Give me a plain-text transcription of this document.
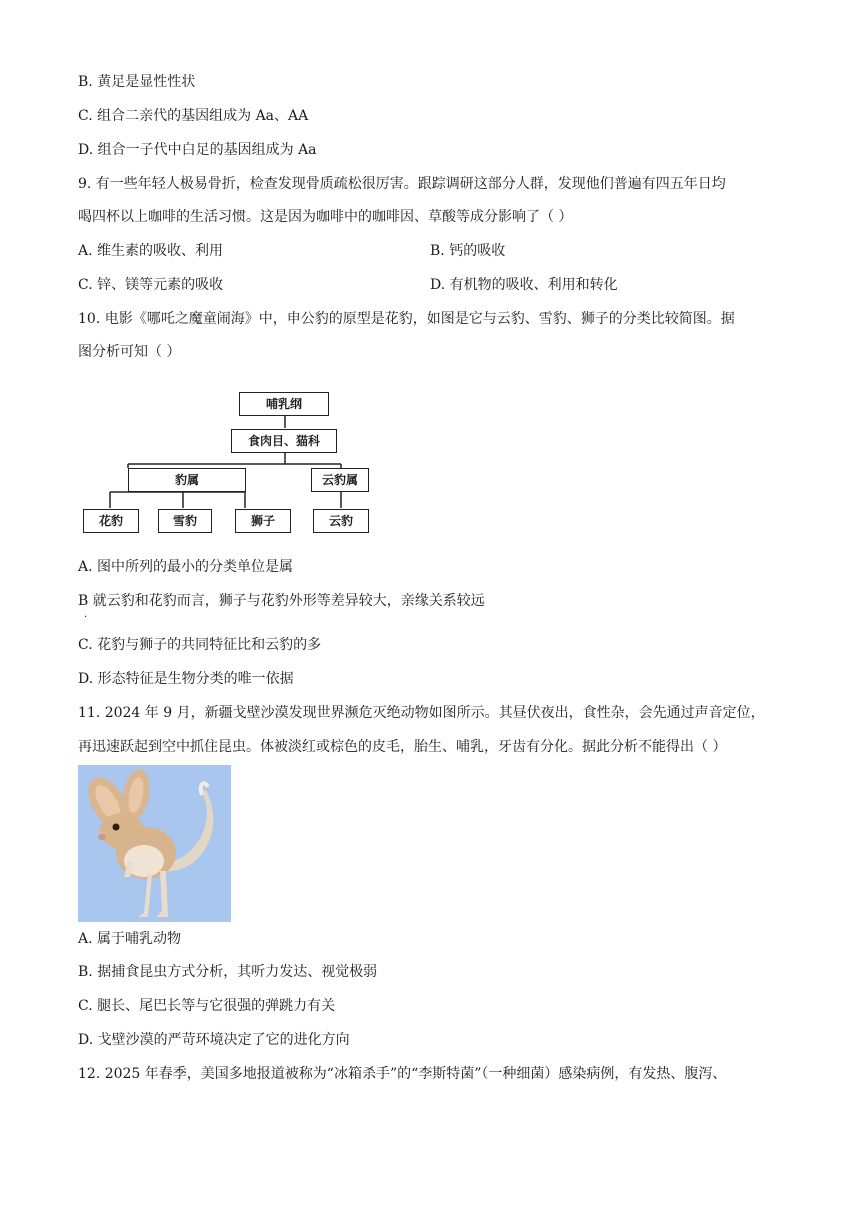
B. 黄足是显性性状
C. 组合二亲代的基因组成为 Aa、AA
D. 组合一子代中白足的基因组成为 Aa
9. 有一些年轻人极易骨折，检查发现骨质疏松很厉害。跟踪调研这部分人群，发现他们普遍有四五年日均
喝四杯以上咖啡的生活习惯。这是因为咖啡中的咖啡因、草酸等成分影响了（ ）
A. 维生素的吸收、利用	B. 钙的吸收
C. 锌、镁等元素的吸收	D. 有机物的吸收、利用和转化
10. 电影《哪吒之魔童闹海》中，申公豹的原型是花豹，如图是它与云豹、雪豹、狮子的分类比较简图。据
图分析可知（ ）
哺乳纲
食肉目、猫科
豹属	云豹属
花豹	雪豹	狮子	云豹
A. 图中所列的最小的分类单位是属
B 就云豹和花豹而言，狮子与花豹外形等差异较大，亲缘关系较远
·
C. 花豹与狮子的共同特征比和云豹的多
D. 形态特征是生物分类的唯一依据
11. 2024 年 9 月，新疆戈壁沙漠发现世界濒危灭绝动物如图所示。其昼伏夜出，食性杂，会先通过声音定位，
再迅速跃起到空中抓住昆虫。体被淡红或棕色的皮毛，胎生、哺乳，牙齿有分化。据此分析不能得出（ ）
A. 属于哺乳动物
B. 据捕食昆虫方式分析，其听力发达、视觉极弱
C. 腿长、尾巴长等与它很强的弹跳力有关
D. 戈壁沙漠的严苛环境决定了它的进化方向
12. 2025 年春季，美国多地报道被称为“冰箱杀手”的“李斯特菌”（一种细菌）感染病例，有发热、腹泻、
